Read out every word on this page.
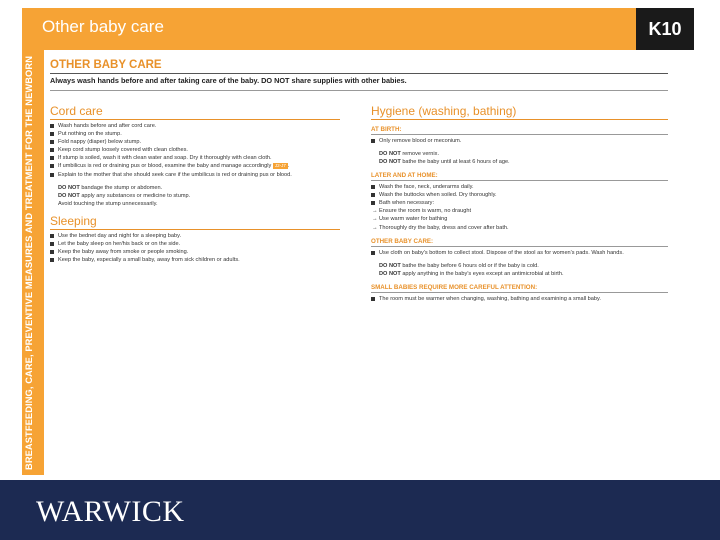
Other baby care	K10
BREASTFEEDING, CARE, PREVENTIVE MEASURES AND TREATMENT FOR THE NEWBORN	OTHER BABY CARE
Always wash hands before and after taking care of the baby. DO NOT share supplies with other babies.
Cord care
Wash hands before and after cord care.
Put nothing on the stump.
Fold nappy (diaper) below stump.
Keep cord stump loosely covered with clean clothes.
If stump is soiled, wash it with clean water and soap. Dry it thoroughly with clean cloth.
If umbilicus is red or draining pus or blood, examine the baby and manage accordingly J2-J7 .
Explain to the mother that she should seek care if the umbilicus is red or draining pus or blood.
DO NOT bandage the stump or abdomen.
DO NOT apply any substances or medicine to stump.
Avoid touching the stump unnecessarily.
Sleeping
Use the bednet day and night for a sleeping baby.
Let the baby sleep on her/his back or on the side.
Keep the baby away from smoke or people smoking.
Keep the baby, especially a small baby, away from sick children or adults.
Hygiene (washing, bathing)
AT BIRTH:
Only remove blood or meconium.
DO NOT remove vernix.
DO NOT bathe the baby until at least 6 hours of age.
LATER AND AT HOME:
Wash the face, neck, underarms daily.
Wash the buttocks when soiled. Dry thoroughly.
Bath when necessary:
→ Ensure the room is warm, no draught
→ Use warm water for bathing
→ Thoroughly dry the baby, dress and cover after bath.
OTHER BABY CARE:
Use cloth on baby's bottom to collect stool. Dispose of the stool as for women's pads. Wash hands.
DO NOT bathe the baby before 6 hours old or if the baby is cold.
DO NOT apply anything in the baby's eyes except an antimicrobial at birth.
SMALL BABIES REQUIRE MORE CAREFUL ATTENTION:
The room must be warmer when changing, washing, bathing and examining a small baby.
WARWICK
